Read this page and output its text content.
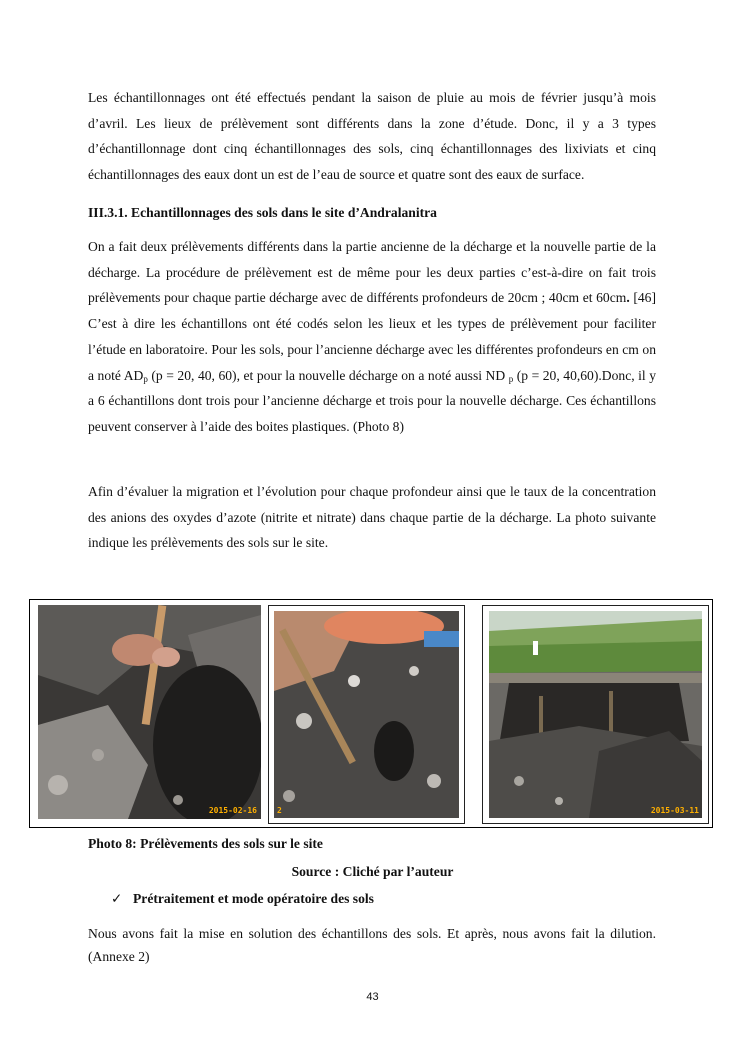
Les échantillonnages ont été effectués pendant la saison de pluie au mois de février jusqu’à mois d’avril. Les lieux de prélèvement sont différents dans la zone d’étude. Donc, il y a 3 types d’échantillonnage dont cinq échantillonnages des sols, cinq échantillonnages des lixiviats et cinq échantillonnages des eaux dont un est de l’eau de source et quatre sont des eaux de surface.

III.3.1. Echantillonnages des sols dans le site d’Andralanitra

On a fait deux prélèvements différents dans la partie ancienne de la décharge et la nouvelle partie de la décharge. La procédure de prélèvement est de même pour les deux parties c’est-à-dire on fait trois prélèvements pour chaque partie décharge avec de différents profondeurs de 20cm ; 40cm et 60cm. [46] C’est à dire les échantillons ont été codés selon les lieux et les types de prélèvement pour faciliter l’étude en laboratoire. Pour les sols, pour l’ancienne décharge avec les différentes profondeurs en cm on a noté $AD_p$ (p = 20, 40, 60), et pour la nouvelle décharge on a noté aussi ND $_p$ (p = 20, 40,60).Donc, il y a 6 échantillons dont trois pour l’ancienne décharge et trois pour la nouvelle décharge. Ces échantillons peuvent conserver à l’aide des boites plastiques. (Photo 8)

Afin d’évaluer la migration et l’évolution pour chaque profondeur ainsi que le taux de la concentration des anions des oxydes d’azote (nitrite et nitrate) dans chaque partie de la décharge. La photo suivante indique les prélèvements des sols sur le site.

2015-02-16	2	2015-03-11
Photo 8: Prélèvements des sols sur le site
Source : Cliché par l’auteur
✓ Prétraitement et mode opératoire des sols

Nous avons fait la mise en solution des échantillons des sols. Et après, nous avons fait la dilution. (Annexe 2)

43
